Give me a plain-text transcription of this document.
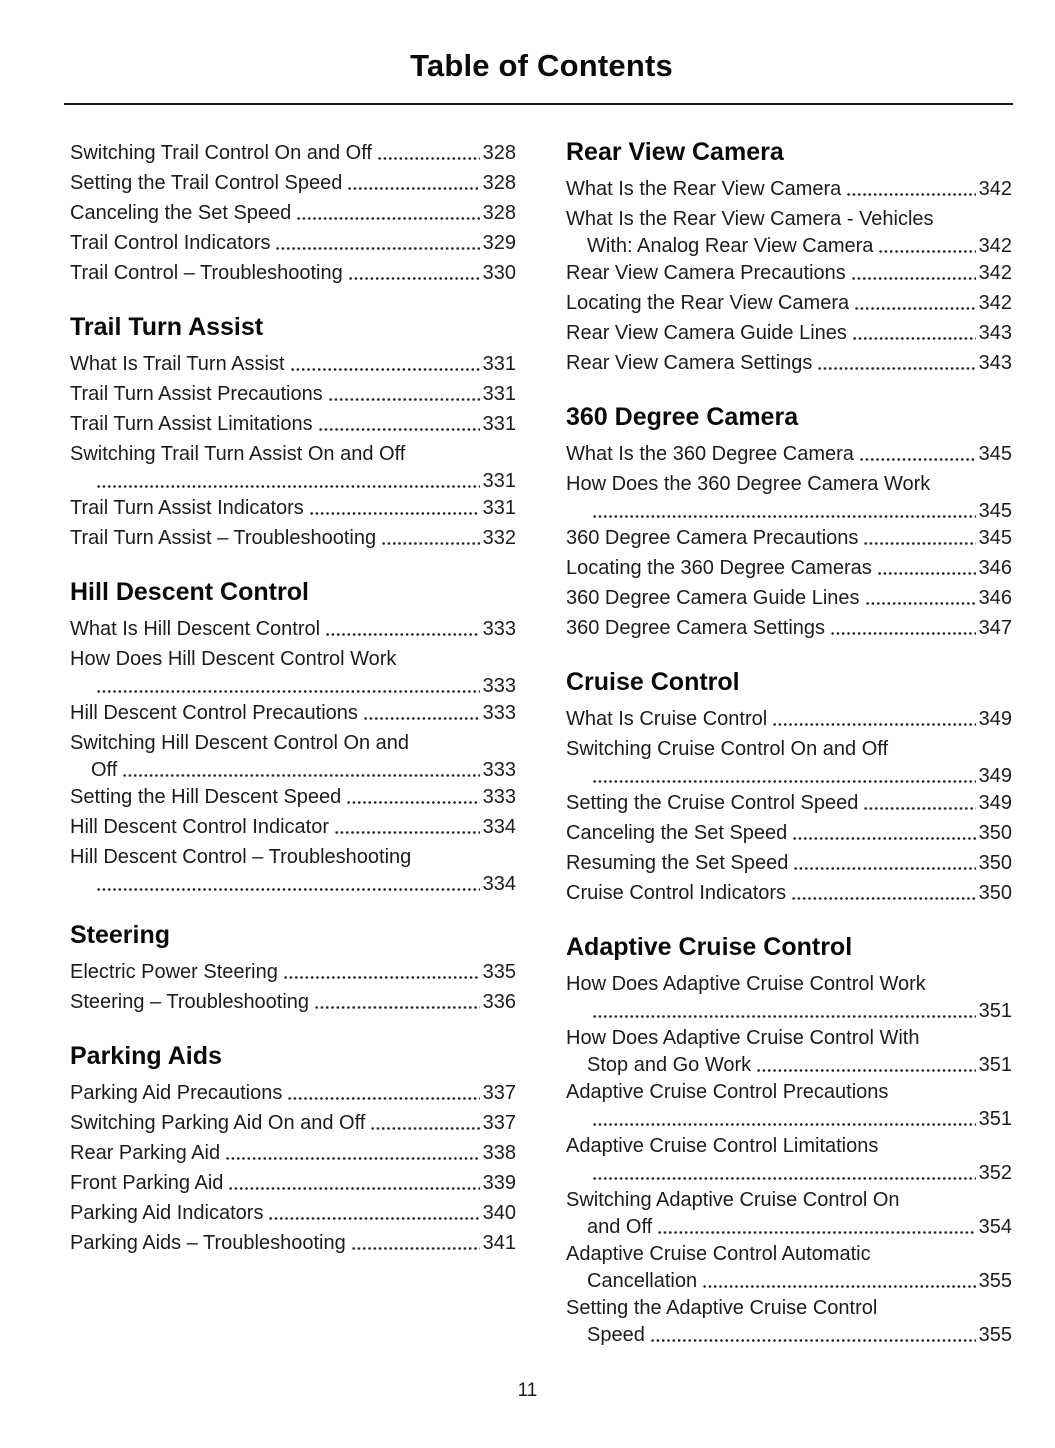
Table of Contents
Switching Trail Control On and Off	328
Setting the Trail Control Speed	328
Canceling the Set Speed	328
Trail Control Indicators	329
Trail Control – Troubleshooting	330
Trail Turn Assist
What Is Trail Turn Assist	331
Trail Turn Assist Precautions	331
Trail Turn Assist Limitations	331
Switching Trail Turn Assist On and Off
331
Trail Turn Assist Indicators	331
Trail Turn Assist – Troubleshooting	332
Hill Descent Control
What Is Hill Descent Control	333
How Does Hill Descent Control Work
333
Hill Descent Control Precautions	333
Switching Hill Descent Control On and
Off	333
Setting the Hill Descent Speed	333
Hill Descent Control Indicator	334
Hill Descent Control – Troubleshooting
334
Steering
Electric Power Steering	335
Steering – Troubleshooting	336
Parking Aids
Parking Aid Precautions	337
Switching Parking Aid On and Off	337
Rear Parking Aid	338
Front Parking Aid	339
Parking Aid Indicators	340
Parking Aids – Troubleshooting	341
Rear View Camera
What Is the Rear View Camera	342
What Is the Rear View Camera - Vehicles
With: Analog Rear View Camera	342
Rear View Camera Precautions	342
Locating the Rear View Camera	342
Rear View Camera Guide Lines	343
Rear View Camera Settings	343
360 Degree Camera
What Is the 360 Degree Camera	345
How Does the 360 Degree Camera Work
345
360 Degree Camera Precautions	345
Locating the 360 Degree Cameras	346
360 Degree Camera Guide Lines	346
360 Degree Camera Settings	347
Cruise Control
What Is Cruise Control	349
Switching Cruise Control On and Off
349
Setting the Cruise Control Speed	349
Canceling the Set Speed	350
Resuming the Set Speed	350
Cruise Control Indicators	350
Adaptive Cruise Control
How Does Adaptive Cruise Control Work
351
How Does Adaptive Cruise Control With
Stop and Go Work	351
Adaptive Cruise Control Precautions
351
Adaptive Cruise Control Limitations
352
Switching Adaptive Cruise Control On
and Off	354
Adaptive Cruise Control Automatic
Cancellation	355
Setting the Adaptive Cruise Control
Speed	355
11
